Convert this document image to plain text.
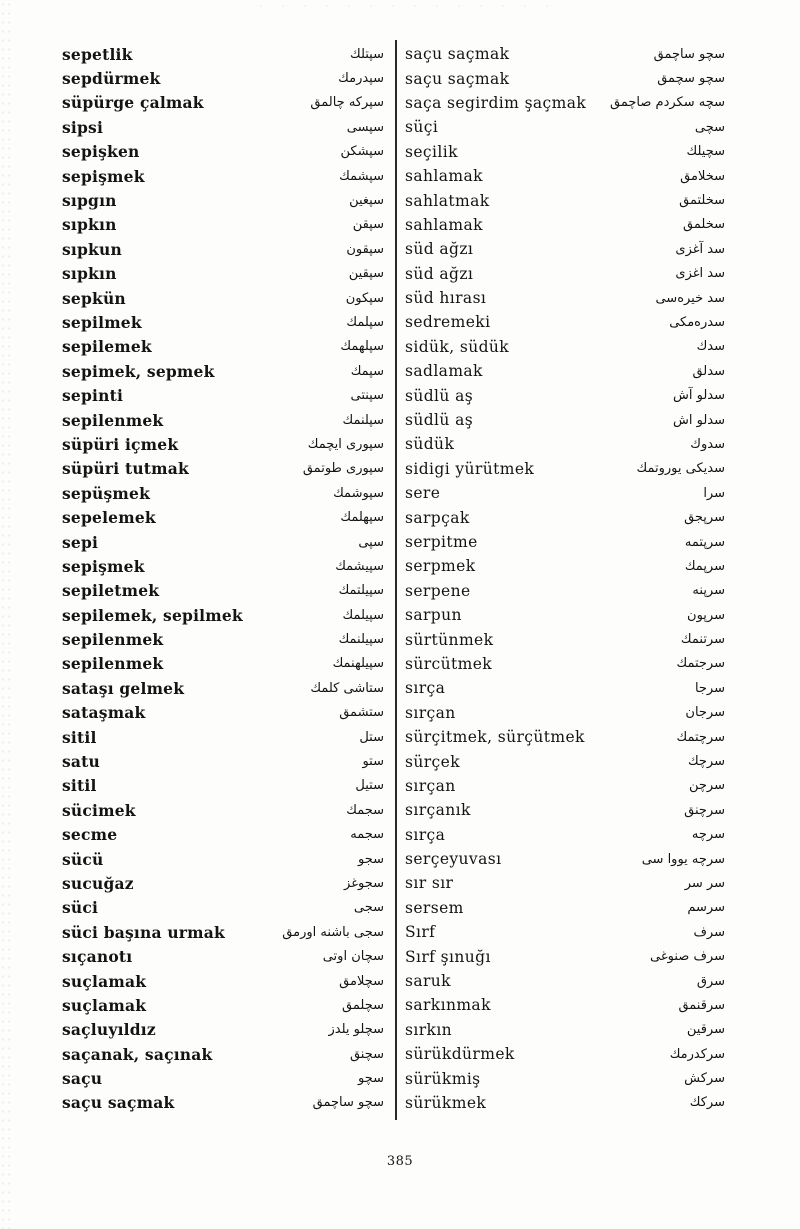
sepetlik	سپتلك
sepdürmek	سپدرمك
süpürge çalmak	سپرکه چالمق
sipsi	سپسی
sepişken	سپشکن
sepişmek	سپشمك
sıpgın	سپغین
sıpkın	سپقن
sıpkun	سپقون
sıpkın	سپقین
sepkün	سپکون
sepilmek	سپلمك
sepilemek	سپلهمك
sepimek, sepmek	سپمك
sepinti	سپنتی
sepilenmek	سپلنمك
süpüri içmek	سپوری ایچمك
süpüri tutmak	سپوری طوتمق
sepüşmek	سپوشمك
sepelemek	سپهلمك
sepi	سپی
sepişmek	سپیشمك
sepiletmek	سپیلتمك
sepilemek, sepilmek	سپیلمك
sepilenmek	سپیلنمك
sepilenmek	سپیلهنمك
sataşı gelmek	ستاشی کلمك
sataşmak	ستشمق
sitil	ستل
satu	ستو
sitil	ستیل
sücimek	سجمك
secme	سجمه
sücü	سجو
sucuğaz	سجوغز
süci	سجی
süci başına urmak	سجی باشنه اورمق
sıçanotı	سچان اوتی
suçlamak	سچلامق
suçlamak	سچلمق
saçluyıldız	سچلو یلدز
saçanak, saçınak	سچنق
saçu	سچو
saçu saçmak	سچو ساچمق
saçu saçmak	سچو ساچمق
saçu saçmak	سچو سچمق
saça segirdim şaçmak سچه سکردم صاچمق
süçi	سچی
seçilik	سچیلك
sahlamak	سخلامق
sahlatmak	سخلتمق
sahlamak	سخلمق
süd ağzı	سد آغزی
süd ağzı	سد اغزی
süd hırası	سد خیره‌سی
sedremeki	سدره‌مکی
sidük, südük	سدك
sadlamak	سدلق
südlü aş	سدلو آش
südlü aş	سدلو اش
südük	سدوك
sidigi yürütmek	سدیکی یوروتمك
sere	سرا
sarpçak	سرپجق
serpitme	سرپتمه
serpmek	سرپمك
serpene	سرپنه
sarpun	سرپون
sürtünmek	سرتنمك
sürcütmek	سرجتمك
sırça	سرجا
sırçan	سرجان
sürçitmek, sürçütmek	سرچتمك
sürçek	سرچك
sırçan	سرچن
sırçanık	سرچنق
sırça	سرچه
serçeyuvası	سرچه یووا سی
sır sır	سر سر
sersem	سرسم
Sırf	سرف
Sırf şınuğı	سرف صنوغی
saruk	سرق
sarkınmak	سرقنمق
sırkın	سرقین
sürükdürmek	سرکدرمك
sürükmiş	سرکش
sürükmek	سرکك
385
